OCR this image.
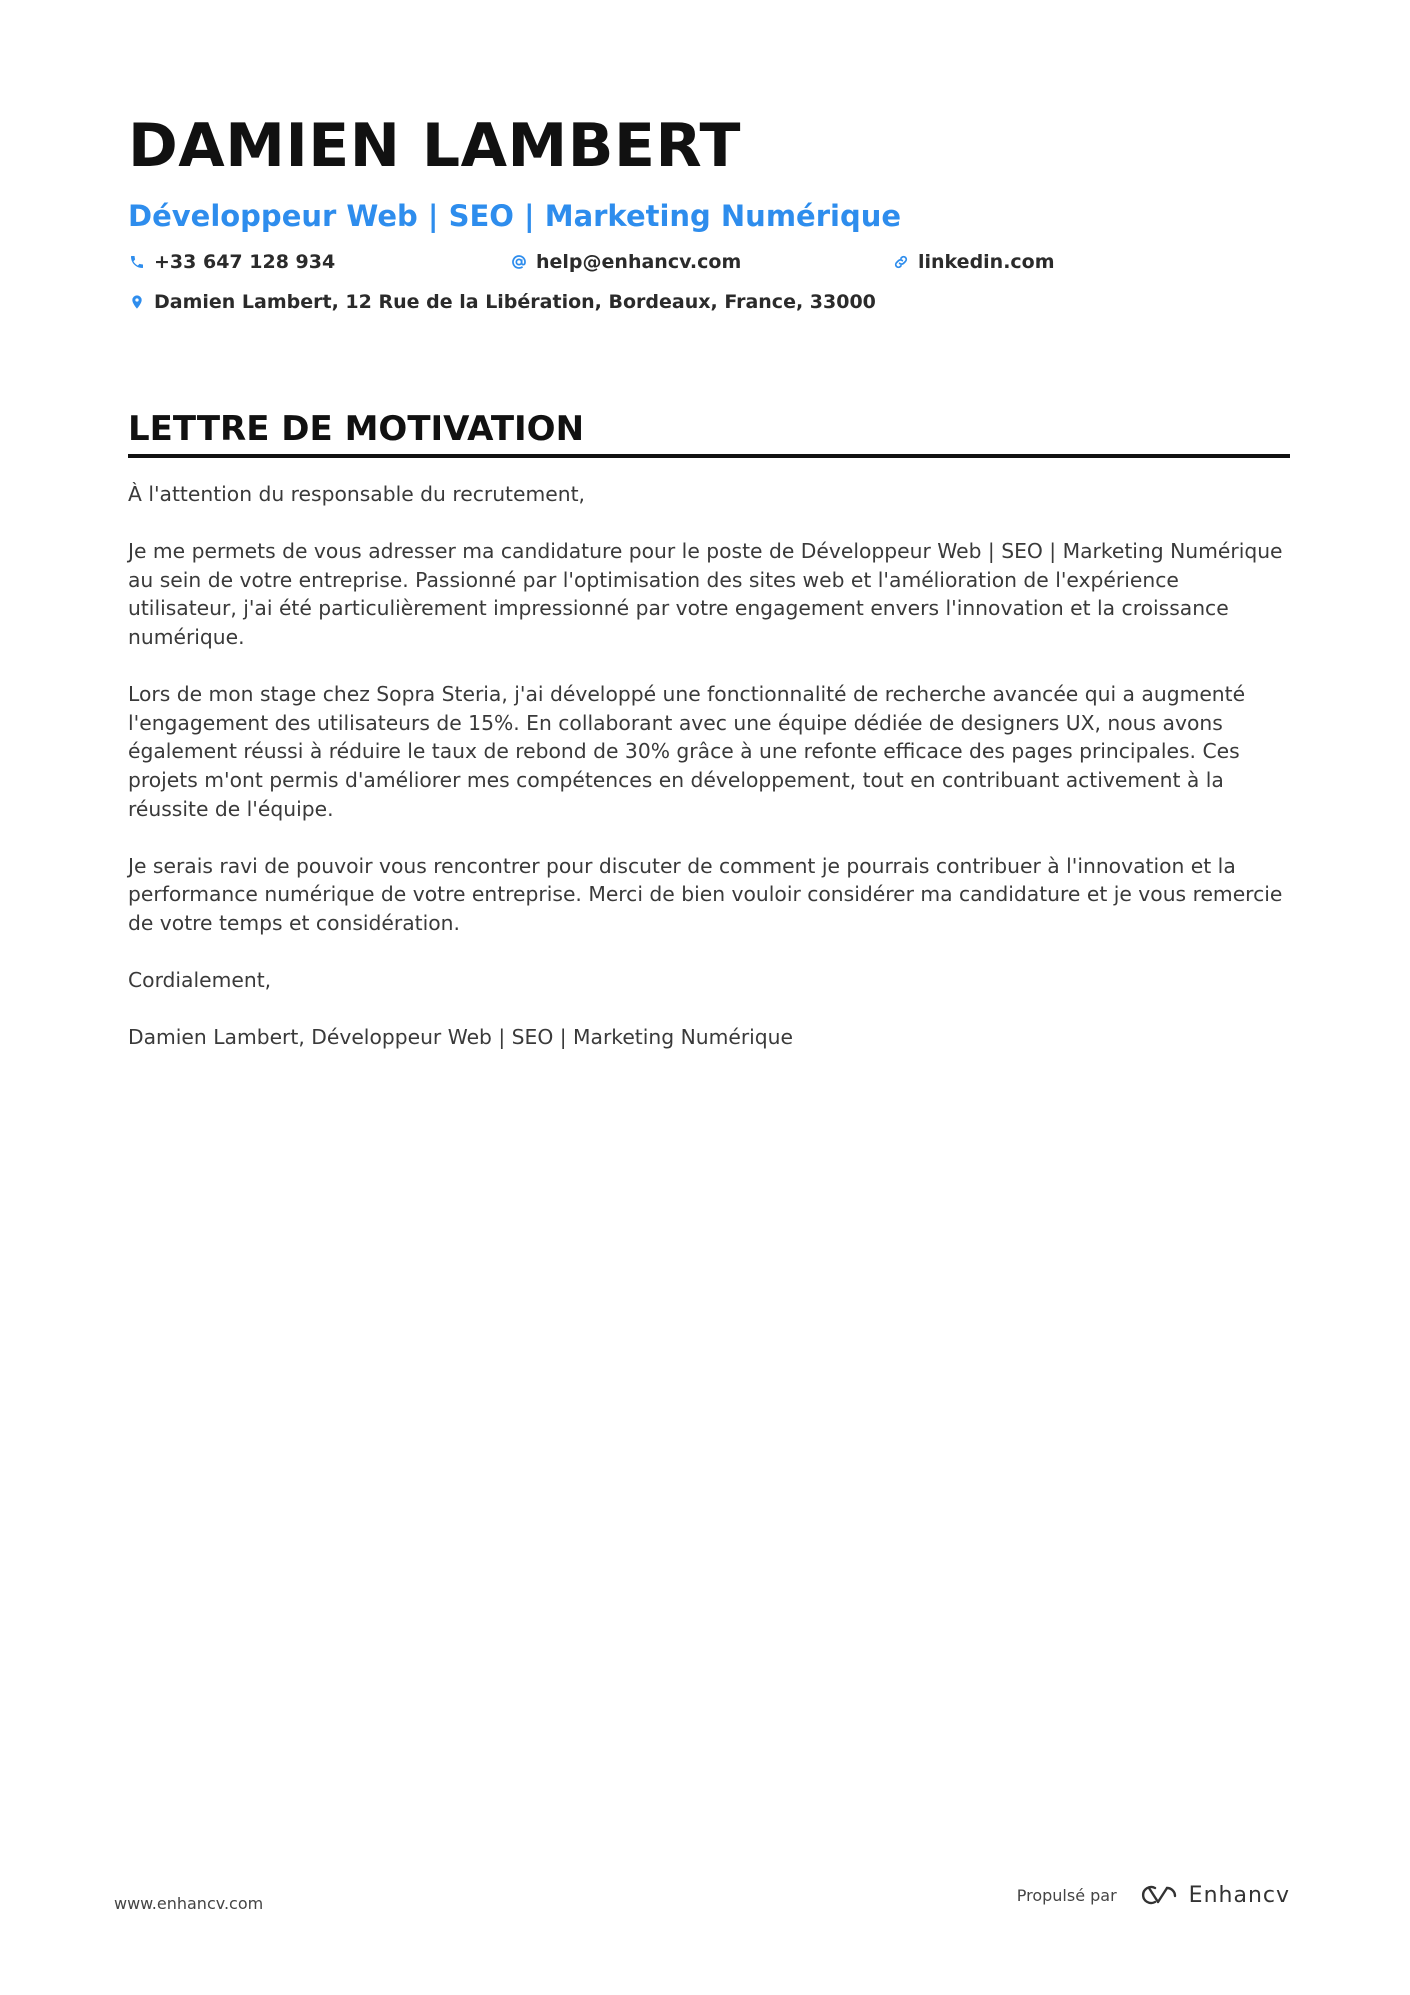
DAMIEN LAMBERT
Développeur Web | SEO | Marketing Numérique
+33 647 128 934	help@enhancv.com	linkedin.com
Damien Lambert, 12 Rue de la Libération, Bordeaux, France, 33000
LETTRE DE MOTIVATION

À l'attention du responsable du recrutement,

Je me permets de vous adresser ma candidature pour le poste de Développeur Web | SEO | Marketing Numérique au sein de votre entreprise. Passionné par l'optimisation des sites web et l'amélioration de l'expérience utilisateur, j'ai été particulièrement impressionné par votre engagement envers l'innovation et la croissance numérique.

Lors de mon stage chez Sopra Steria, j'ai développé une fonctionnalité de recherche avancée qui a augmenté l'engagement des utilisateurs de 15%. En collaborant avec une équipe dédiée de designers UX, nous avons également réussi à réduire le taux de rebond de 30% grâce à une refonte efficace des pages principales. Ces projets m'ont permis d'améliorer mes compétences en développement, tout en contribuant activement à la réussite de l'équipe.

Je serais ravi de pouvoir vous rencontrer pour discuter de comment je pourrais contribuer à l'innovation et la performance numérique de votre entreprise. Merci de bien vouloir considérer ma candidature et je vous remercie de votre temps et considération.

Cordialement,

Damien Lambert, Développeur Web | SEO | Marketing Numérique

www.enhancv.com	Propulsé par	Enhancv
